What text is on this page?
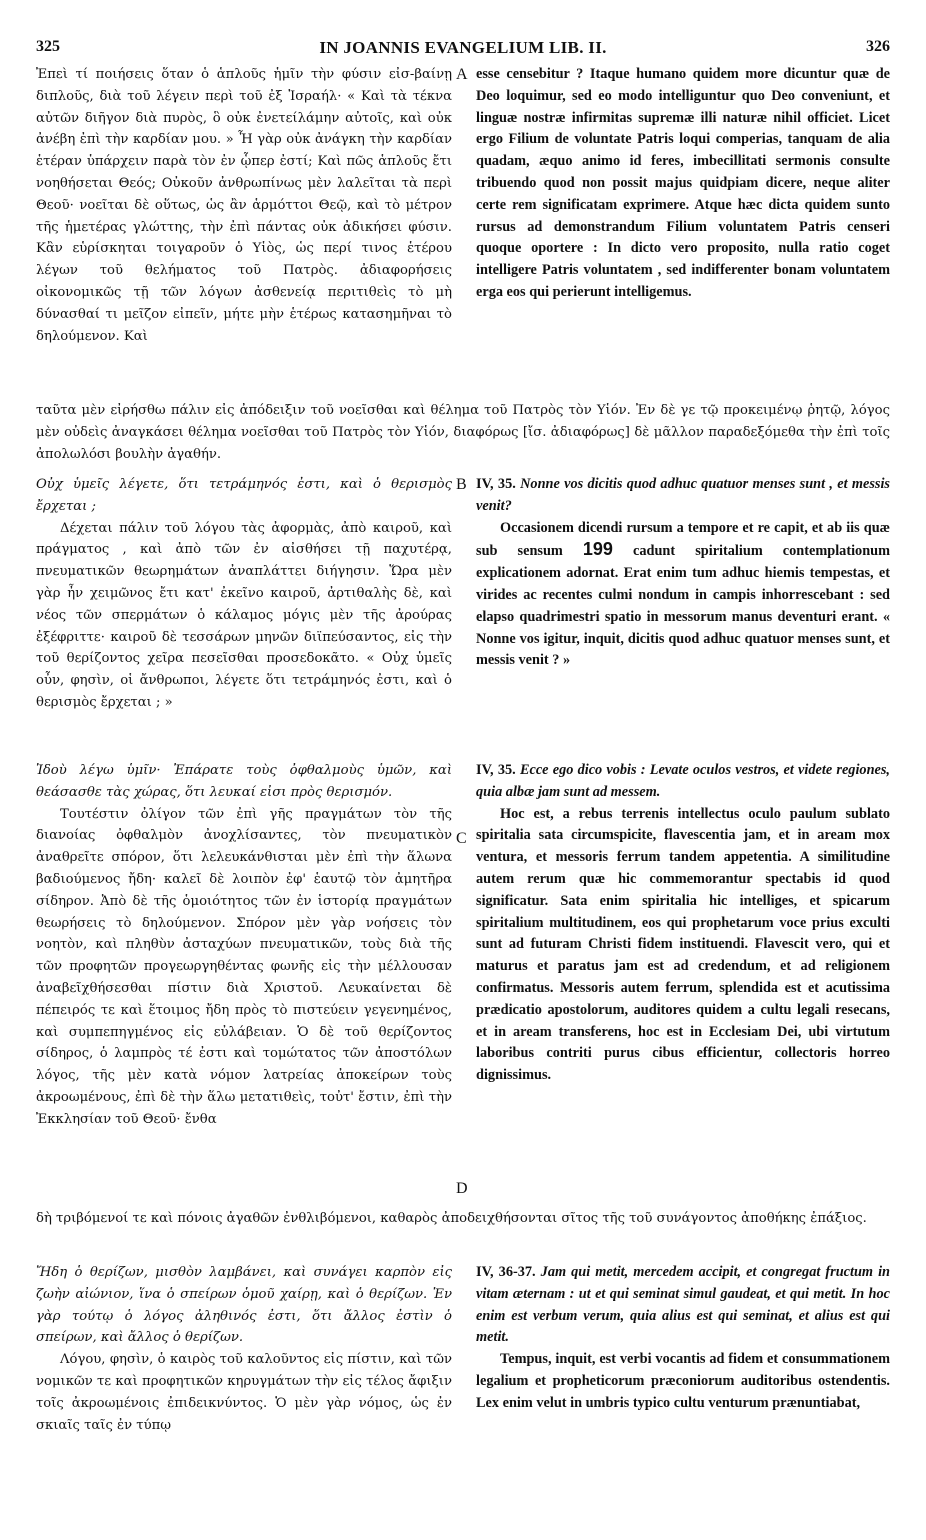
325	IN JOANNIS EVANGELIUM LIB. II.	326

Ἐπεὶ τί ποιήσεις ὅταν ὁ ἁπλοῦς ἡμῖν τὴν φύσιν εἰσ-βαίνῃ διπλοῦς, διὰ τοῦ λέγειν περὶ τοῦ ἐξ Ἰσραήλ· « Καὶ τὰ τέκνα αὐτῶν διῆγον διὰ πυρὸς, ὃ οὐκ ἐνετείλάμην αὐτοῖς, καὶ οὐκ ἀνέβη ἐπὶ τὴν καρδίαν μου. » Ἦ γὰρ οὐκ ἀνάγκη τὴν καρδίαν ἑτέραν ὑπάρχειν παρὰ τὸν ἐν ᾧπερ ἐστί; Καὶ πῶς ἁπλοῦς ἔτι νοηθήσεται Θεός; Οὐκοῦν ἀνθρωπίνως μὲν λαλεῖται τὰ περὶ Θεοῦ· νοεῖται δὲ οὕτως, ὡς ἂν ἁρμόττοι Θεῷ, καὶ τὸ μέτρον τῆς ἡμετέρας γλώττης, τὴν ἐπὶ πάντας οὐκ ἀδικήσει φύσιν. Κἂν εὑρίσκηται τοιγαροῦν ὁ Υἱὸς, ὡς περί τινος ἑτέρου λέγων τοῦ θελήματος τοῦ Πατρὸς. ἀδιαφορήσεις οἰκονομικῶς τῇ τῶν λόγων ἀσθενείᾳ περιτιθεὶς τὸ μὴ δύνασθαί τι μεῖζον εἰπεῖν, μήτε μὴν ἑτέρως κατασημῆναι τὸ δηλούμενον. Καὶ

A esse censebitur ? Itaque humano quidem more dicuntur quæ de Deo loquimur, sed eo modo intelliguntur quo Deo conveniunt, et linguæ nostræ infirmitas supremæ illi naturæ nihil officiet. Licet ergo Filium de voluntate Patris loqui comperias, tanquam de alia quadam, æquo animo id feres, imbecillitati sermonis consulte tribuendo quod non possit majus quidpiam dicere, neque aliter certe rem significatam exprimere. Atque hæc dicta quidem sunto rursus ad demonstrandum Filium voluntatem Patris censeri quoque oportere : In dicto vero proposito, nulla ratio coget intelligere Patris voluntatem , sed indifferenter bonam voluntatem erga eos qui perierunt intelligemus.

ταῦτα μὲν εἰρήσθω πάλιν εἰς ἀπόδειξιν τοῦ νοεῖσθαι καὶ θέλημα τοῦ Πατρὸς τὸν Υἱόν. Ἐν δὲ γε τῷ προκειμένῳ ῥητῷ, λόγος μὲν οὐδεὶς ἀναγκάσει θέλημα νοεῖσθαι τοῦ Πατρὸς τὸν Υἱόν, διαφόρως [ἴσ. ἀδιαφόρως] δὲ μᾶλλον παραδεξόμεθα τὴν ἐπὶ τοῖς ἀπολωλόσι βουλὴν ἀγαθήν.

Οὐχ ὑμεῖς λέγετε, ὅτι τετράμηνός ἐστι, καὶ ὁ θερισμὸς ἔρχεται ;

Δέχεται πάλιν τοῦ λόγου τὰς ἀφορμὰς, ἀπὸ καιροῦ, καὶ πράγματος , καὶ ἀπὸ τῶν ἐν αἰσθήσει τῇ παχυτέρᾳ, πνευματικῶν θεωρημάτων ἀναπλάττει διήγησιν. Ὥρα μὲν γὰρ ἦν χειμῶνος ἔτι κατ' ἐκεῖνο καιροῦ, ἀρτιθαλὴς δὲ, καὶ νέος τῶν σπερμάτων ὁ κάλαμος μόγις μὲν τῆς ἀρούρας ἐξέφριττε· καιροῦ δὲ τεσσάρων μηνῶν διϊπεύσαντος, εἰς τὴν τοῦ θερίζοντος χεῖρα πεσεῖσθαι προσεδοκᾶτο. « Οὐχ ὑμεῖς οὖν, φησὶν, οἱ ἄνθρωποι, λέγετε ὅτι τετράμηνός ἐστι, καὶ ὁ θερισμὸς ἔρχεται ; »

B IV, 35. Nonne vos dicitis quod adhuc quatuor menses sunt , et messis venit?

Occasionem dicendi rursum a tempore et re capit, et ab iis quæ sub sensum 199 cadunt spiritalium contemplationum explicationem adornat. Erat enim tum adhuc hiemis tempestas, et virides ac recentes culmi nondum in campis inhorrescebant : sed elapso quadrimestri spatio in messorum manus deventuri erant. « Nonne vos igitur, inquit, dicitis quod adhuc quatuor menses sunt, et messis venit ? »

Ἰδοὺ λέγω ὑμῖν· Ἐπάρατε τοὺς ὀφθαλμοὺς ὑμῶν, καὶ θεάσασθε τὰς χώρας, ὅτι λευκαί εἰσι πρὸς θερισμόν.

Τουτέστιν ὀλίγον τῶν ἐπὶ γῆς πραγμάτων τὸν τῆς διανοίας ὀφθαλμὸν ἀνοχλίσαντες, τὸν πνευματικὸν ἀναθρεῖτε σπόρον, ὅτι λελευκάνθισται μὲν ἐπὶ τὴν ἅλωνα βαδιούμενος ἤδη· καλεῖ δὲ λοιπὸν ἐφ' ἑαυτῷ τὸν ἀμητῆρα σίδηρον. Ἀπὸ δὲ τῆς ὁμοιότητος τῶν ἐν ἱστορίᾳ πραγμάτων θεωρήσεις τὸ δηλούμενον. Σπόρον μὲν γὰρ νοήσεις τὸν νοητὸν, καὶ πληθὺν ἀσταχύων πνευματικῶν, τοὺς διὰ τῆς τῶν προφητῶν προγεωργηθέντας φωνῆς εἰς τὴν μέλλουσαν ἀναβεῖχθήσεσθαι πίστιν διὰ Χριστοῦ. Λευκαίνεται δὲ πέπειρός τε καὶ ἕτοιμος ἤδη πρὸς τὸ πιστεύειν γεγενημένος, καὶ συμπεπηγμένος εἰς εὐλάβειαν. Ὁ δὲ τοῦ θερίζοντος σίδηρος, ὁ λαμπρὸς τέ ἐστι καὶ τομώτατος τῶν ἀποστόλων λόγος, τῆς μὲν κατὰ νόμον λατρείας ἀποκείρων τοὺς ἀκροωμένους, ἐπὶ δὲ τὴν ἅλω μετατιθεὶς, τοὐτ' ἔστιν, ἐπὶ τὴν Ἐκκλησίαν τοῦ Θεοῦ· ἔνθα

C
D

IV, 35. Ecce ego dico vobis : Levate oculos vestros, et videte regiones, quia albæ jam sunt ad messem.

Hoc est, a rebus terrenis intellectus oculo paulum sublato spiritalia sata circumspicite, flavescentia jam, et in aream mox ventura, et messoris ferrum tandem appetentia. A similitudine autem rerum quæ hic commemorantur spectabis id quod significatur. Sata enim spiritalia hic intelliges, et spicarum spiritalium multitudinem, eos qui prophetarum voce prius exculti sunt ad futuram Christi fidem instituendi. Flavescit vero, qui et maturus et paratus jam est ad credendum, et ad religionem confirmatus. Messoris autem ferrum, splendida est et acutissima prædicatio apostolorum, auditores quidem a cultu legali resecans, et in aream transferens, hoc est in Ecclesiam Dei, ubi virtutum laboribus contriti purus cibus efficientur, collectoris horreo dignissimus.

δὴ τριβόμενοί τε καὶ πόνοις ἀγαθῶν ἐνθλιβόμενοι, καθαρὸς ἀποδειχθήσονται σῖτος τῆς τοῦ συνάγοντος ἀποθήκης ἐπάξιος.

Ἤδη ὁ θερίζων, μισθὸν λαμβάνει, καὶ συνάγει καρπὸν εἰς ζωὴν αἰώνιον, ἵνα ὁ σπείρων ὁμοῦ χαίρῃ, καὶ ὁ θερίζων. Ἐν γὰρ τούτῳ ὁ λόγος ἀληθινός ἐστι, ὅτι ἄλλος ἐστὶν ὁ σπείρων, καὶ ἄλλος ὁ θερίζων.

Λόγου, φησὶν, ὁ καιρὸς τοῦ καλοῦντος εἰς πίστιν, καὶ τῶν νομικῶν τε καὶ προφητικῶν κηρυγμάτων τὴν εἰς τέλος ἄφιξιν τοῖς ἀκροωμένοις ἐπιδεικνύντος. Ὁ μὲν γὰρ νόμος, ὡς ἐν σκιαῖς ταῖς ἐν τύπῳ

IV, 36-37. Jam qui metit, mercedem accipit, et congregat fructum in vitam æternam : ut et qui seminat simul gaudeat, et qui metit. In hoc enim est verbum verum, quia alius est qui seminat, et alius est qui metit.

Tempus, inquit, est verbi vocantis ad fidem et consummationem legalium et propheticorum præconiorum auditoribus ostendentis. Lex enim velut in umbris typico cultu venturum prænuntiabat,
